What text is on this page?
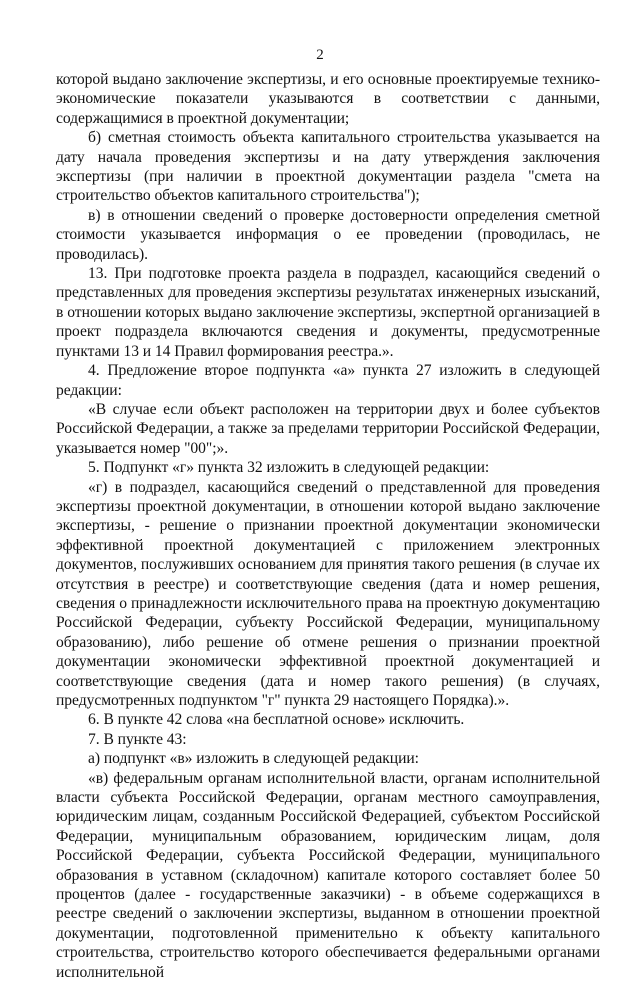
2

которой выдано заключение экспертизы, и его основные проектируемые технико-экономические показатели указываются в соответствии с данными, содержащимися в проектной документации;

б) сметная стоимость объекта капитального строительства указывается на дату начала проведения экспертизы и на дату утверждения заключения экспертизы (при наличии в проектной документации раздела "смета на строительство объектов капитального строительства");

в) в отношении сведений о проверке достоверности определения сметной стоимости указывается информация о ее проведении (проводилась, не проводилась).

13. При подготовке проекта раздела в подраздел, касающийся сведений о представленных для проведения экспертизы результатах инженерных изысканий, в отношении которых выдано заключение экспертизы, экспертной организацией в проект подраздела включаются сведения и документы, предусмотренные пунктами 13 и 14 Правил формирования реестра.».

4. Предложение второе подпункта «а» пункта 27 изложить в следующей редакции:

«В случае если объект расположен на территории двух и более субъектов Российской Федерации, а также за пределами территории Российской Федерации, указывается номер "00";».

5. Подпункт «г» пункта 32 изложить в следующей редакции:

«г) в подраздел, касающийся сведений о представленной для проведения экспертизы проектной документации, в отношении которой выдано заключение экспертизы, - решение о признании проектной документации экономически эффективной проектной документацией с приложением электронных документов, послуживших основанием для принятия такого решения (в случае их отсутствия в реестре) и соответствующие сведения (дата и номер решения, сведения о принадлежности исключительного права на проектную документацию Российской Федерации, субъекту Российской Федерации, муниципальному образованию), либо решение об отмене решения о признании проектной документации экономически эффективной проектной документацией и соответствующие сведения (дата и номер такого решения) (в случаях, предусмотренных подпунктом "г" пункта 29 настоящего Порядка).».

6. В пункте 42 слова «на бесплатной основе» исключить.

7. В пункте 43:

а) подпункт «в» изложить в следующей редакции:

«в) федеральным органам исполнительной власти, органам исполнительной власти субъекта Российской Федерации, органам местного самоуправления, юридическим лицам, созданным Российской Федерацией, субъектом Российской Федерации, муниципальным образованием, юридическим лицам, доля Российской Федерации, субъекта Российской Федерации, муниципального образования в уставном (складочном) капитале которого составляет более 50 процентов (далее - государственные заказчики) - в объеме содержащихся в реестре сведений о заключении экспертизы, выданном в отношении проектной документации, подготовленной применительно к объекту капитального строительства, строительство которого обеспечивается федеральными органами исполнительной
